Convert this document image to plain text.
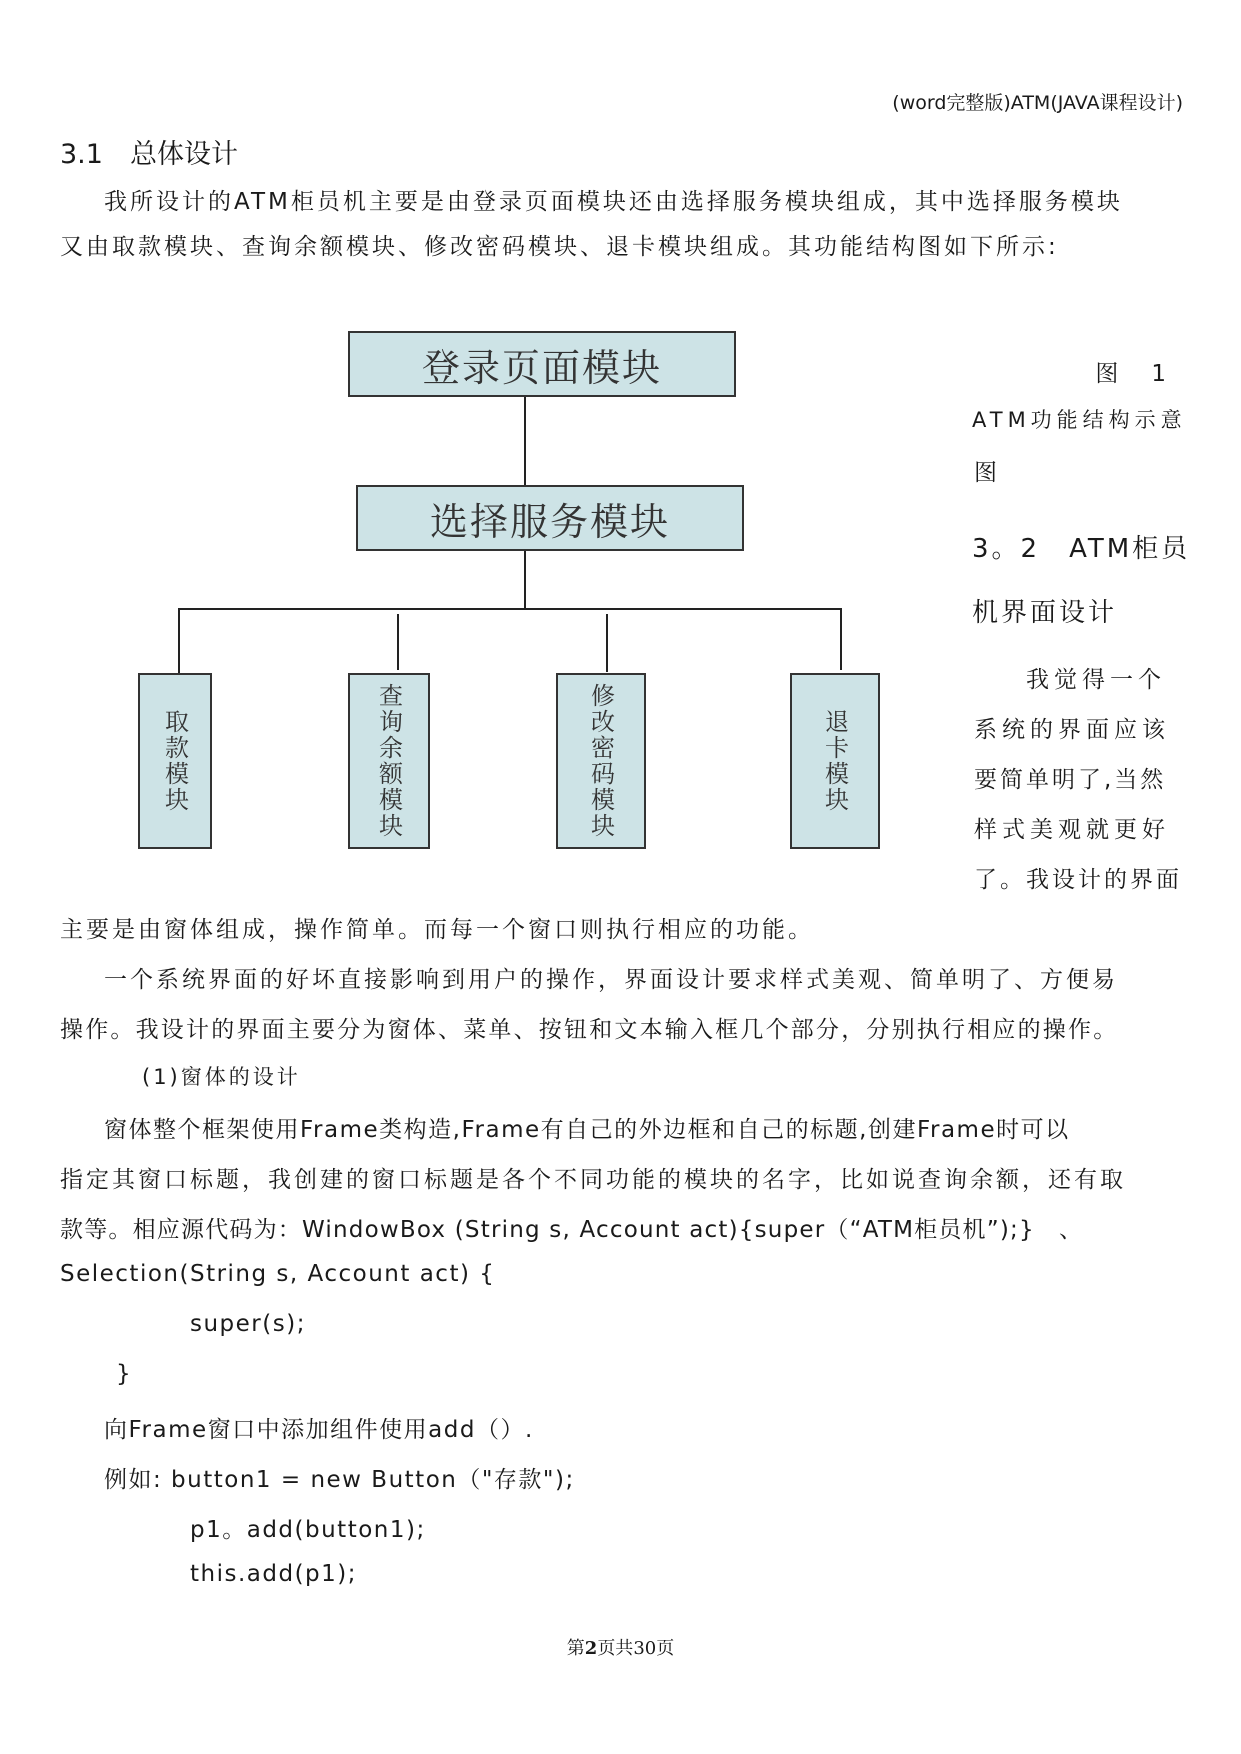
(word完整版)ATM(JAVA课程设计)
3.1　总体设计
我所设计的ATM柜员机主要是由登录页面模块还由选择服务模块组成，其中选择服务模块
又由取款模块、查询余额模块、修改密码模块、退卡模块组成。其功能结构图如下所示:
登录页面模块
选择服务模块
取款模块	查询余额模块	修改密码模块	退卡模块
图　1
ATM功能结构示意
图
3。2　ATM柜员
机界面设计
我觉得一个
系统的界面应该
要简单明了,当然
样式美观就更好
了。我设计的界面
主要是由窗体组成，操作简单。而每一个窗口则执行相应的功能。
一个系统界面的好坏直接影响到用户的操作，界面设计要求样式美观、简单明了、方便易
操作。我设计的界面主要分为窗体、菜单、按钮和文本输入框几个部分，分别执行相应的操作。
(1)窗体的设计
窗体整个框架使用Frame类构造,Frame有自己的外边框和自己的标题,创建Frame时可以
指定其窗口标题，我创建的窗口标题是各个不同功能的模块的名字，比如说查询余额，还有取
款等。相应源代码为：WindowBox (String s, Account act){super（“ATM柜员机”);}　、
Selection(String s, Account act) {
super(s);
}
向Frame窗口中添加组件使用add（）.
例如: button1 = new Button（"存款");
p1。add(button1);
this.add(p1);
第2页共30页
